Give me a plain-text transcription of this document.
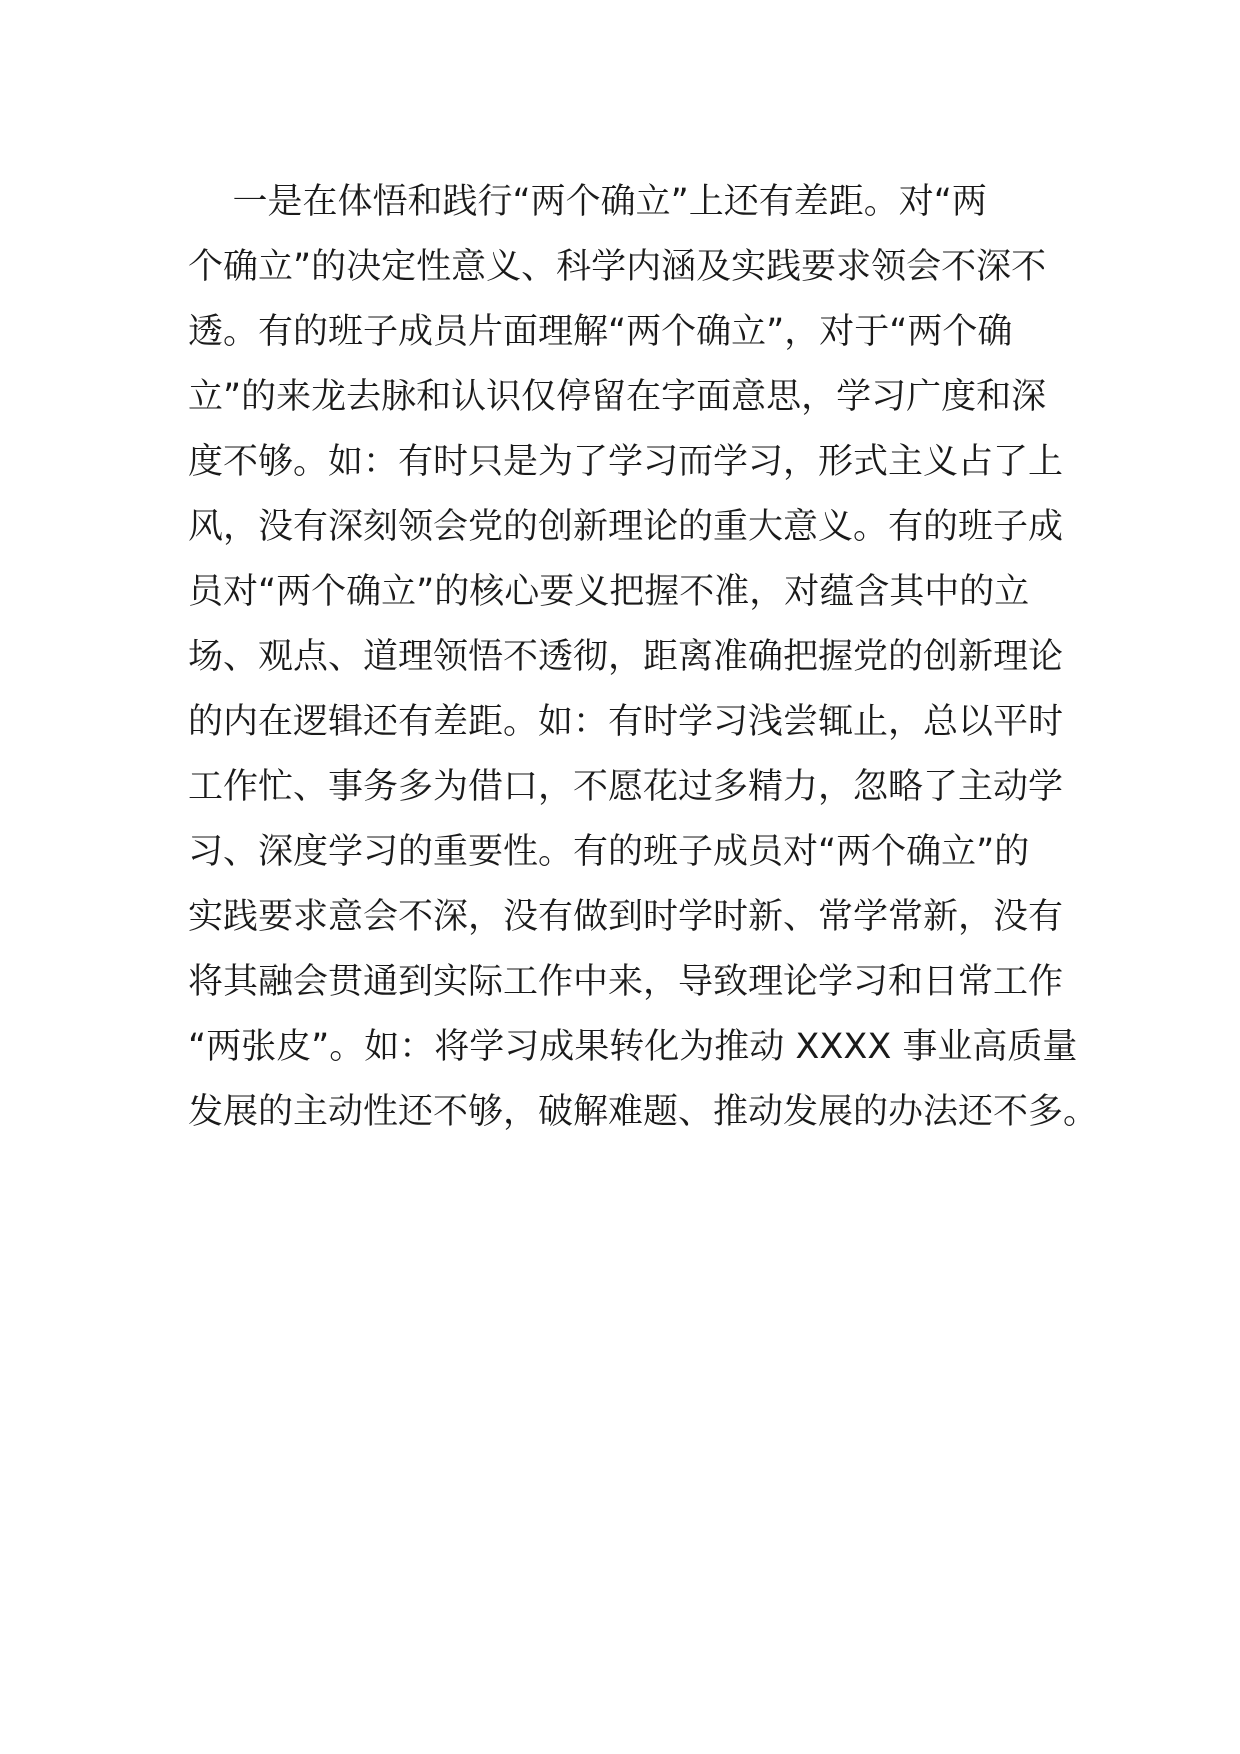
一是在体悟和践行“两个确立”上还有差距。对“两
个确立”的决定性意义、科学内涵及实践要求领会不深不
透。有的班子成员片面理解“两个确立”，对于“两个确
立”的来龙去脉和认识仅停留在字面意思，学习广度和深
度不够。如：有时只是为了学习而学习，形式主义占了上
风，没有深刻领会党的创新理论的重大意义。有的班子成
员对“两个确立”的核心要义把握不准，对蕴含其中的立
场、观点、道理领悟不透彻，距离准确把握党的创新理论
的内在逻辑还有差距。如：有时学习浅尝辄止，总以平时
工作忙、事务多为借口，不愿花过多精力，忽略了主动学
习、深度学习的重要性。有的班子成员对“两个确立”的
实践要求意会不深，没有做到时学时新、常学常新，没有
将其融会贯通到实际工作中来，导致理论学习和日常工作
“两张皮”。如：将学习成果转化为推动 XXXX 事业高质量
发展的主动性还不够，破解难题、推动发展的办法还不多。
